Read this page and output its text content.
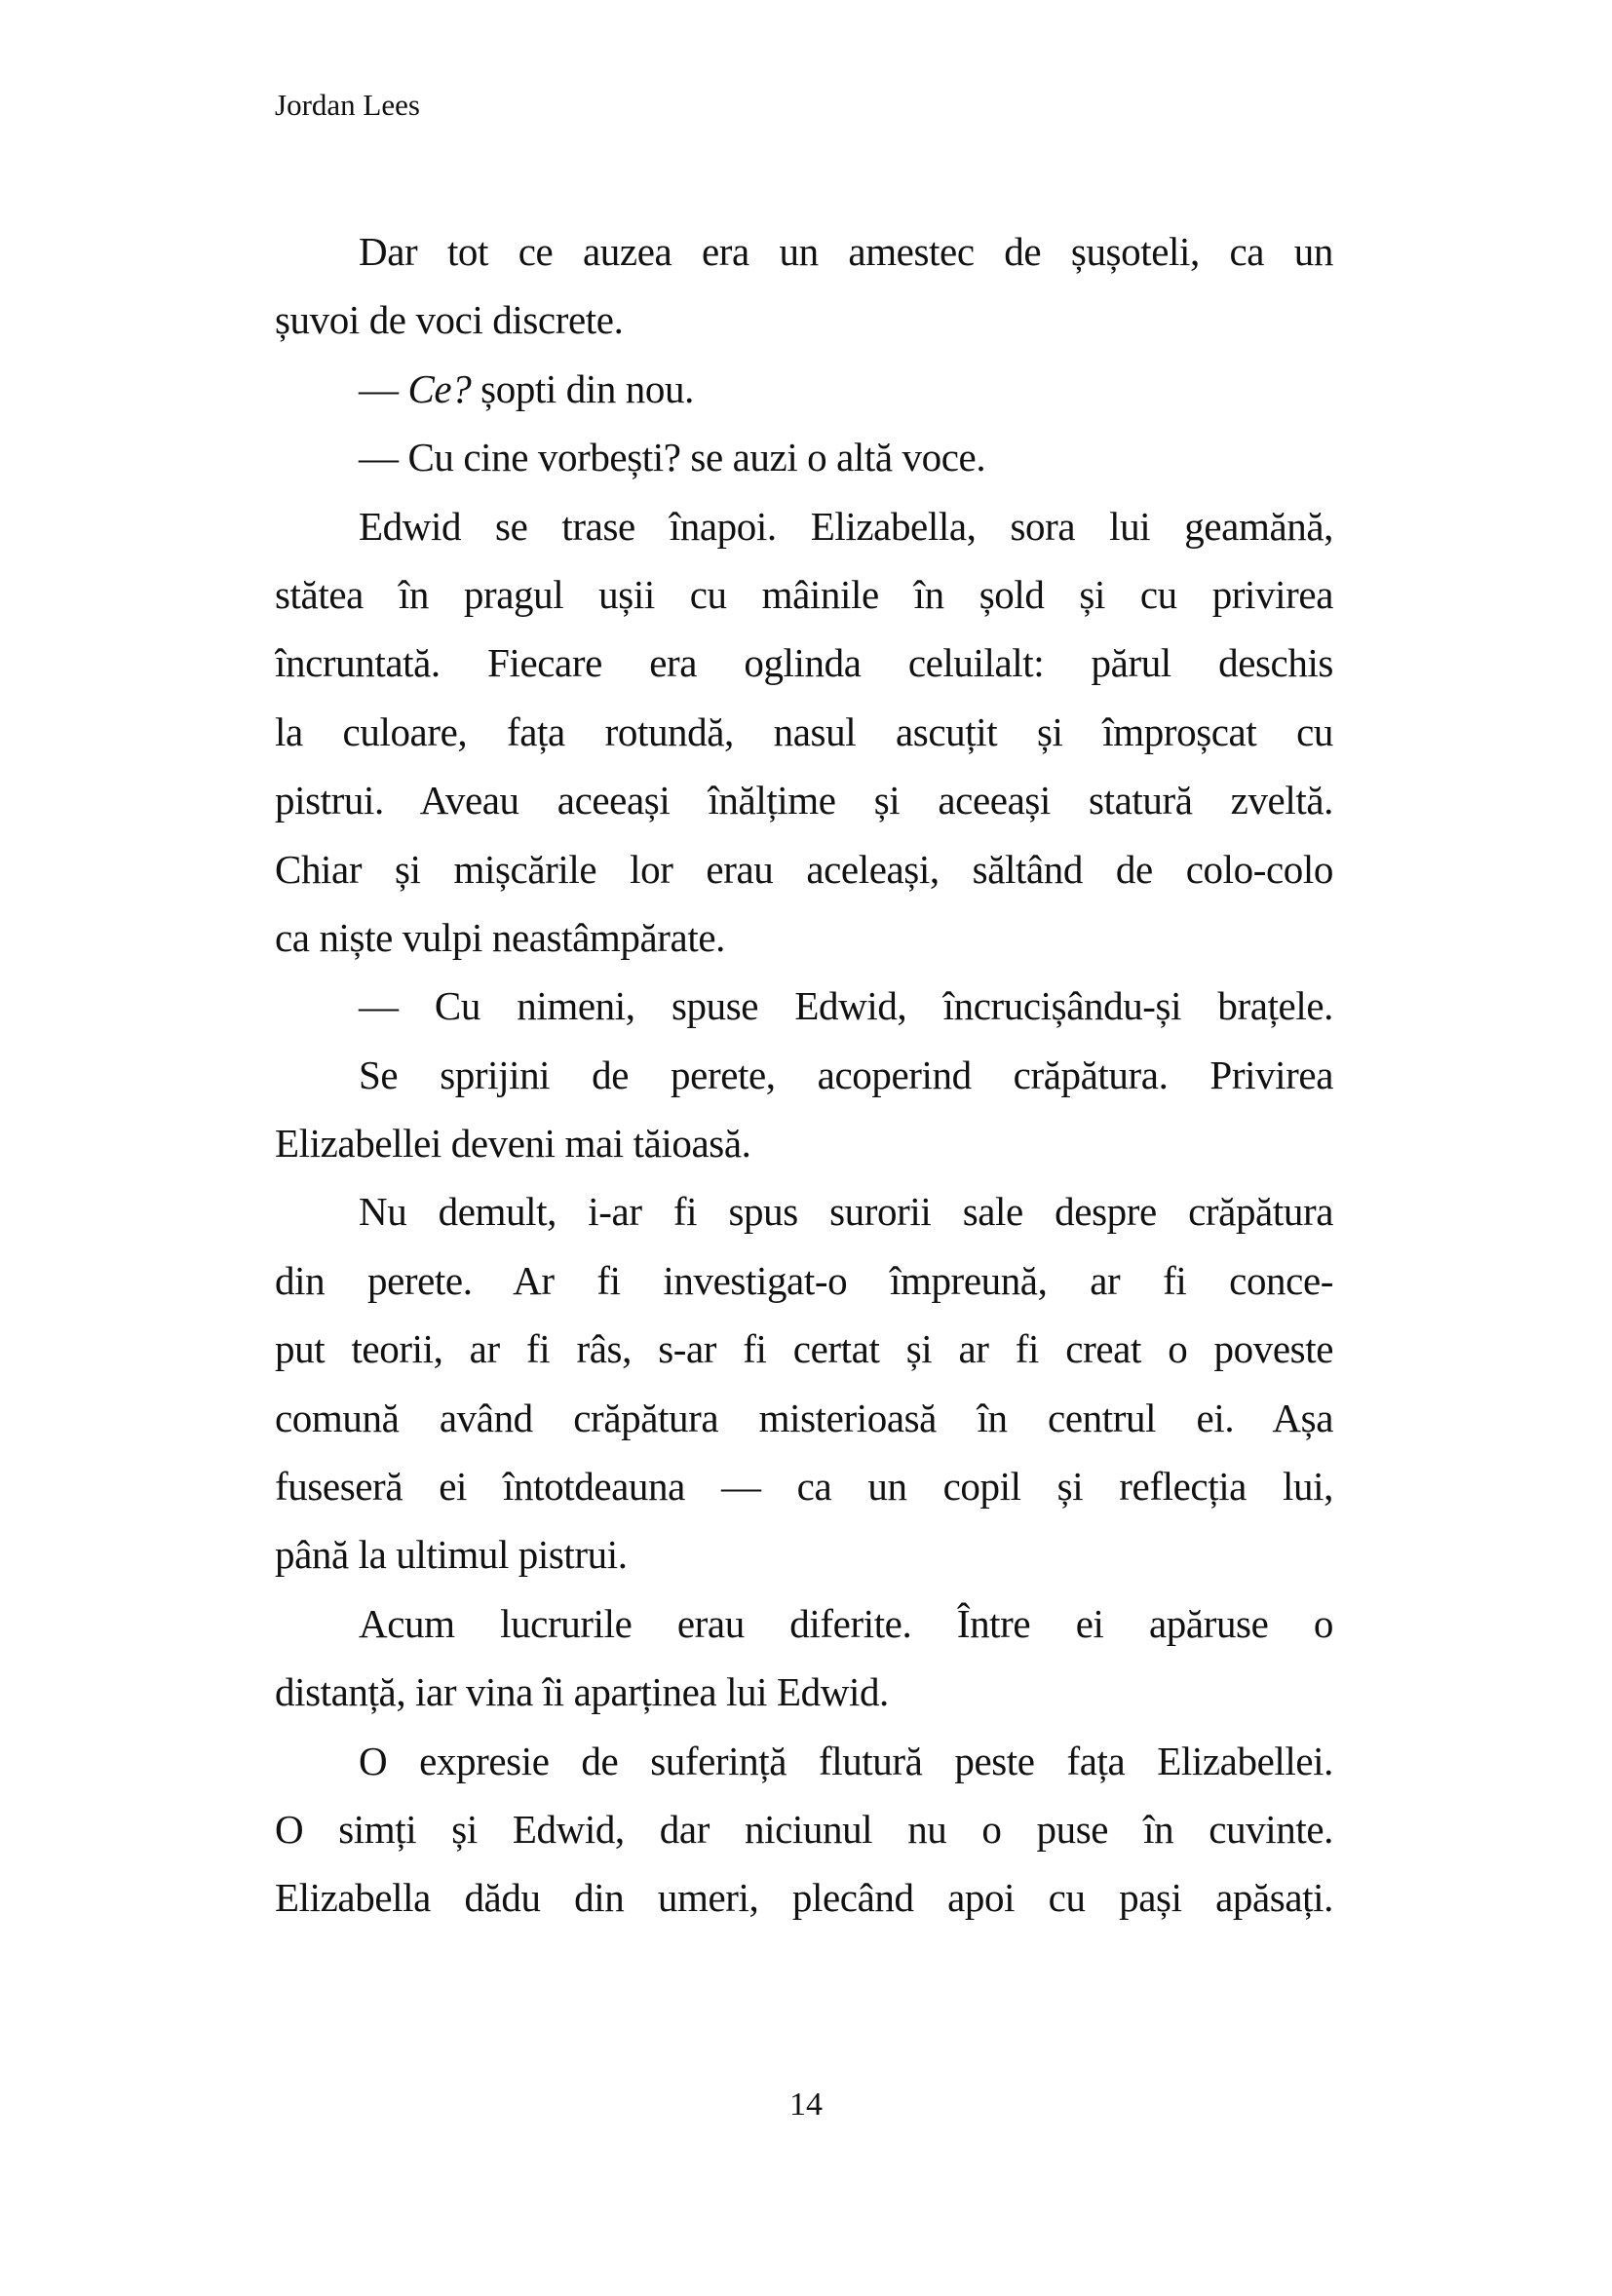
Jordan Lees
Dar tot ce auzea era un amestec de șușoteli, ca un
șuvoi de voci discrete.
— Ce? șopti din nou.
— Cu cine vorbești? se auzi o altă voce.
Edwid se trase înapoi. Elizabella, sora lui geamănă,
stătea în pragul ușii cu mâinile în șold și cu privirea
încruntată. Fiecare era oglinda celuilalt: părul deschis
la culoare, fața rotundă, nasul ascuțit și împroșcat cu
pistrui. Aveau aceeași înălțime și aceeași statură zveltă.
Chiar și mișcările lor erau aceleași, săltând de colo-colo
ca niște vulpi neastâmpărate.
— Cu nimeni, spuse Edwid, încrucișându-și brațele.
Se sprijini de perete, acoperind crăpătura. Privirea
Elizabellei deveni mai tăioasă.
Nu demult, i-ar fi spus surorii sale despre crăpătura
din perete. Ar fi investigat-o împreună, ar fi conce-
put teorii, ar fi râs, s-ar fi certat și ar fi creat o poveste
comună având crăpătura misterioasă în centrul ei. Așa
fuseseră ei întotdeauna — ca un copil și reflecția lui,
până la ultimul pistrui.
Acum lucrurile erau diferite. Între ei apăruse o
distanță, iar vina îi aparținea lui Edwid.
O expresie de suferință flutură peste fața Elizabellei.
O simți și Edwid, dar niciunul nu o puse în cuvinte.
Elizabella dădu din umeri, plecând apoi cu pași apăsați.
14
